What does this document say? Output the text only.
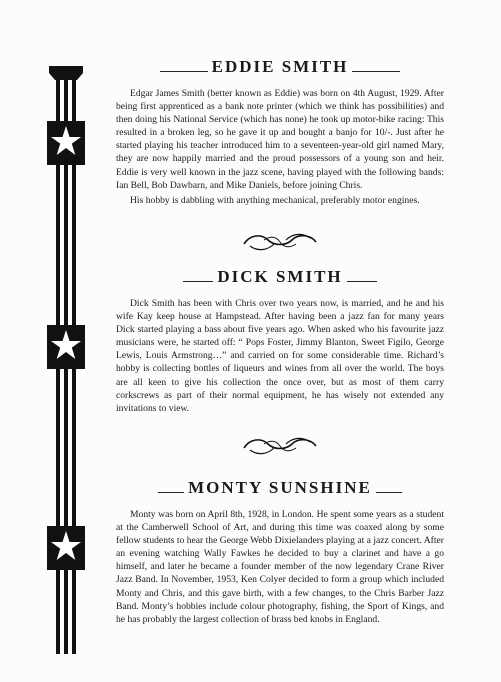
EDDIE SMITH

Edgar James Smith (better known as Eddie) was born on 4th August, 1929. After being first apprenticed as a bank note printer (which we think has possibilities) and then doing his National Service (which has none) he took up motor-bike racing: This resulted in a broken leg, so he gave it up and bought a banjo for 10/-. Just after he started playing his teacher introduced him to a seventeen-year-old girl named Mary, they are now happily married and the proud possessors of a young son and heir. Eddie is very well known in the jazz scene, having played with the following bands: Ian Bell, Bob Dawbarn, and Mike Daniels, before joining Chris.

His hobby is dabbling with anything mechanical, preferably motor engines.

DICK SMITH

Dick Smith has been with Chris over two years now, is married, and he and his wife Kay keep house at Hampstead. After having been a jazz fan for many years Dick started playing a bass about five years ago. When asked who his favourite jazz musicians were, he started off: “ Pops Foster, Jimmy Blanton, Sweet Figilo, George Lewis, Louis Armstrong…” and carried on for some considerable time. Richard’s hobby is collecting bottles of liqueurs and wines from all over the world. The boys are all keen to give his collection the once over, but as most of them carry corkscrews as part of their normal equipment, he has wisely not extended any invitations to view.

MONTY SUNSHINE

Monty was born on April 8th, 1928, in London. He spent some years as a student at the Camberwell School of Art, and during this time was coaxed along by some fellow students to hear the George Webb Dixielanders playing at a jazz concert. After an evening watching Wally Fawkes he decided to buy a clarinet and have a go himself, and later he became a founder member of the now legendary Crane River Jazz Band. In November, 1953, Ken Colyer decided to form a group which included Monty and Chris, and this gave birth, with a few changes, to the Chris Barber Jazz Band. Monty’s hobbies include colour photography, fishing, the Sport of Kings, and he has probably the largest collection of brass bed knobs in England.
